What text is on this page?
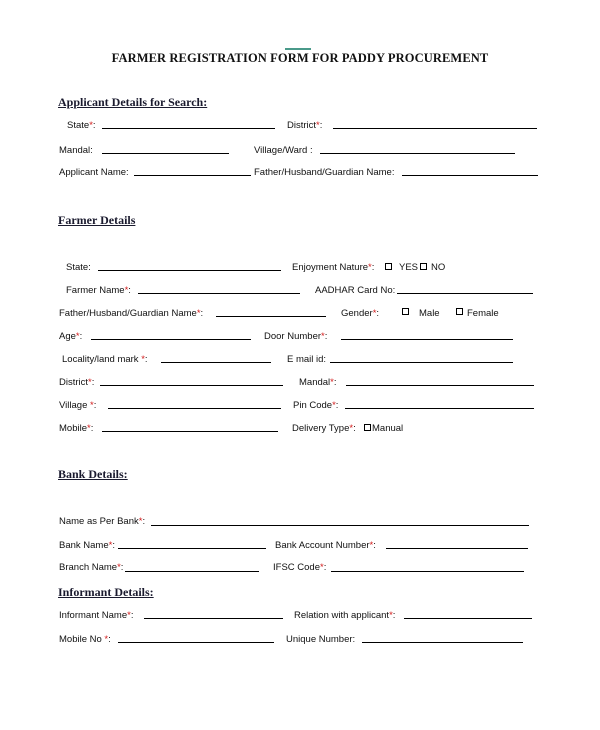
FARMER REGISTRATION FORM FOR PADDY PROCUREMENT
Applicant Details for Search:
State*:	District*:
Mandal:	Village/Ward :
Applicant Name:	Father/Husband/Guardian Name:
Farmer Details
State:	Enjoyment Nature*:	YES NO
Farmer Name*:	AADHAR Card No:
Father/Husband/Guardian Name*:	Gender*:	Male	Female
Age*:	Door Number*:
Locality/land mark *:	E mail id:
District*:	Mandal*:
Village *:	Pin Code*:
Mobile*:	Delivery Type*: Manual
Bank Details:
Name as Per Bank*:
Bank Name*:	Bank Account Number*:
Branch Name*:	IFSC Code*:
Informant Details:
Informant Name*:	Relation with applicant*:
Mobile No *:	Unique Number:
